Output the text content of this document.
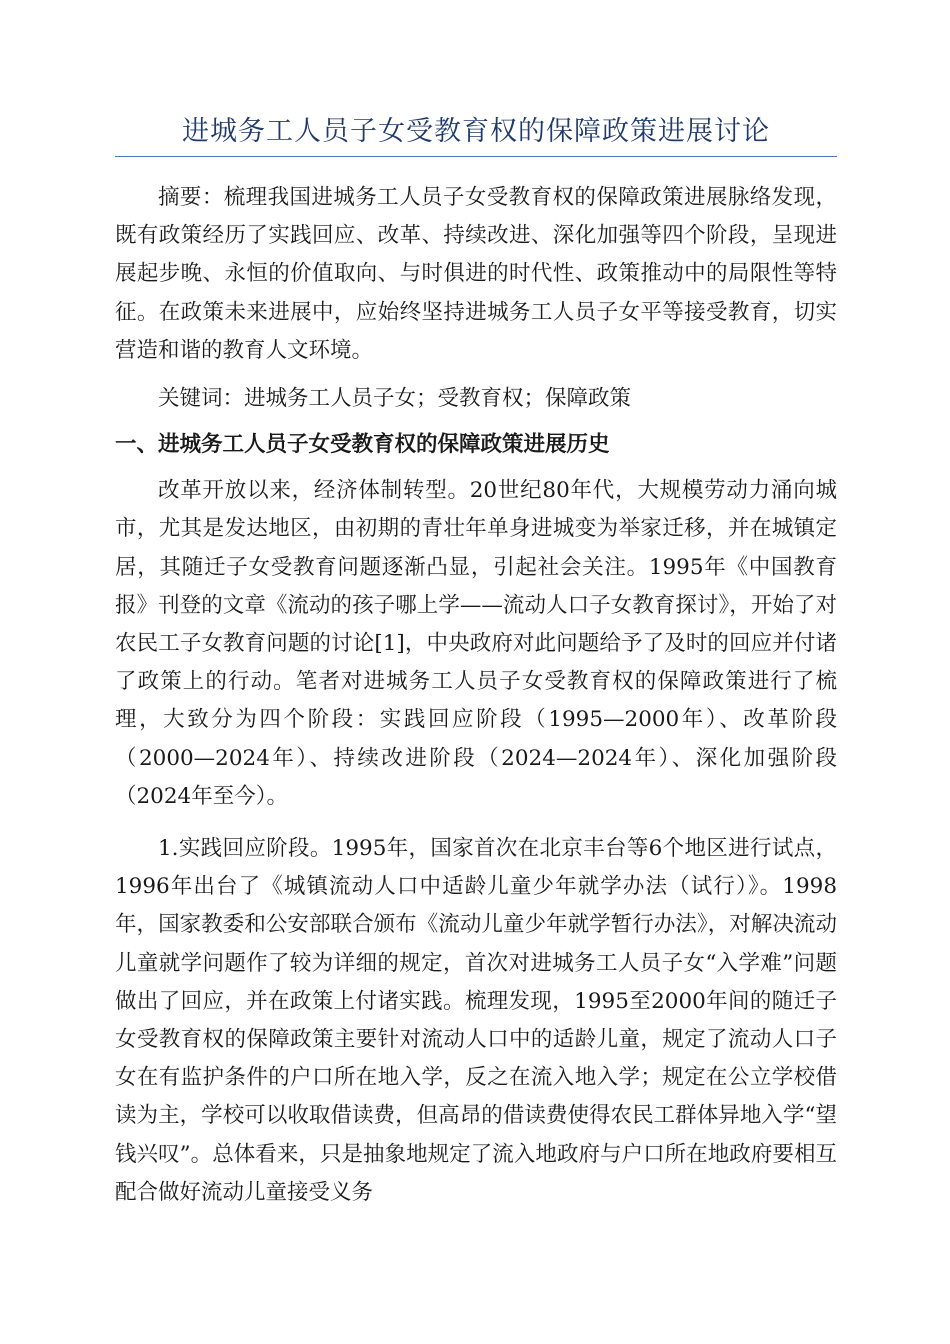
进城务工人员子女受教育权的保障政策进展讨论

摘要：梳理我国进城务工人员子女受教育权的保障政策进展脉络发现，既有政策经历了实践回应、改革、持续改进、深化加强等四个阶段，呈现进展起步晚、永恒的价值取向、与时俱进的时代性、政策推动中的局限性等特征。在政策未来进展中，应始终坚持进城务工人员子女平等接受教育，切实营造和谐的教育人文环境。

关键词：进城务工人员子女；受教育权；保障政策

一、进城务工人员子女受教育权的保障政策进展历史

改革开放以来，经济体制转型。20世纪80年代，大规模劳动力涌向城市，尤其是发达地区，由初期的青壮年单身进城变为举家迁移，并在城镇定居，其随迁子女受教育问题逐渐凸显，引起社会关注。1995年《中国教育报》刊登的文章《流动的孩子哪上学——流动人口子女教育探讨》，开始了对农民工子女教育问题的讨论[1]，中央政府对此问题给予了及时的回应并付诸了政策上的行动。笔者对进城务工人员子女受教育权的保障政策进行了梳理，大致分为四个阶段：实践回应阶段（1995—2000年）、改革阶段（2000—2024年）、持续改进阶段（2024—2024年）、深化加强阶段（2024年至今）。

1.实践回应阶段。1995年，国家首次在北京丰台等6个地区进行试点，1996年出台了《城镇流动人口中适龄儿童少年就学办法（试行）》。1998年，国家教委和公安部联合颁布《流动儿童少年就学暂行办法》，对解决流动儿童就学问题作了较为详细的规定，首次对进城务工人员子女“入学难”问题做出了回应，并在政策上付诸实践。梳理发现，1995至2000年间的随迁子女受教育权的保障政策主要针对流动人口中的适龄儿童，规定了流动人口子女在有监护条件的户口所在地入学，反之在流入地入学；规定在公立学校借读为主，学校可以收取借读费，但高昂的借读费使得农民工群体异地入学“望钱兴叹”。总体看来，只是抽象地规定了流入地政府与户口所在地政府要相互配合做好流动儿童接受义务
